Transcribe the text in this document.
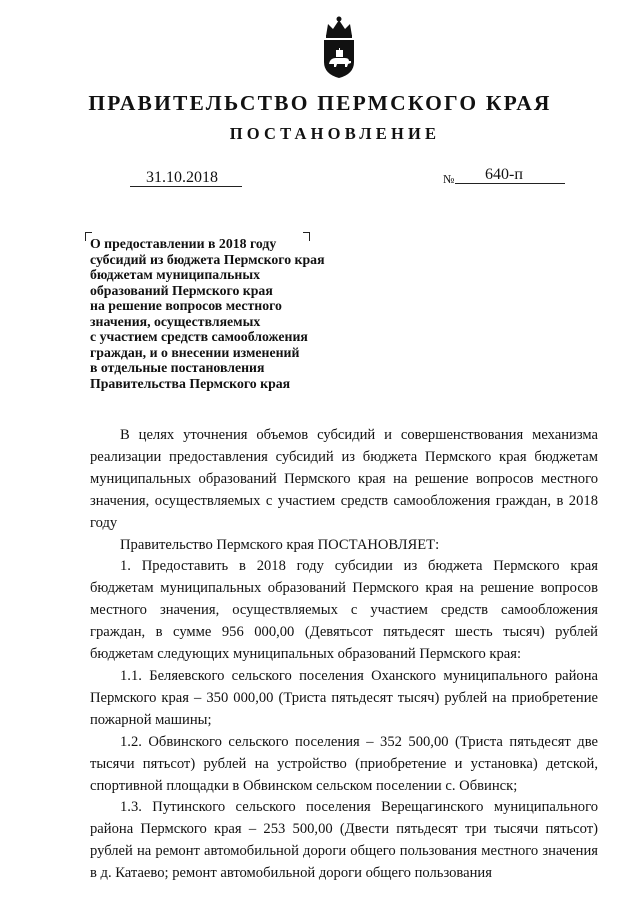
ПРАВИТЕЛЬСТВО ПЕРМСКОГО КРАЯ
ПОСТАНОВЛЕНИЕ
31.10.2018	№ 640-п
О предоставлении в 2018 году
субсидий из бюджета Пермского края
бюджетам муниципальных
образований Пермского края
на решение вопросов местного
значения, осуществляемых
с участием средств самообложения
граждан, и о внесении изменений
в отдельные постановления
Правительства Пермского края

В целях уточнения объемов субсидий и совершенствования механизма реализации предоставления субсидий из бюджета Пермского края бюджетам муниципальных образований Пермского края на решение вопросов местного значения, осуществляемых с участием средств самообложения граждан, в 2018 году

Правительство Пермского края ПОСТАНОВЛЯЕТ:

1. Предоставить в 2018 году субсидии из бюджета Пермского края бюджетам муниципальных образований Пермского края на решение вопросов местного значения, осуществляемых с участием средств самообложения граждан, в сумме 956 000,00 (Девятьсот пятьдесят шесть тысяч) рублей бюджетам следующих муниципальных образований Пермского края:

1.1. Беляевского сельского поселения Оханского муниципального района Пермского края – 350 000,00 (Триста пятьдесят тысяч) рублей на приобретение пожарной машины;

1.2. Обвинского сельского поселения – 352 500,00 (Триста пятьдесят две тысячи пятьсот) рублей на устройство (приобретение и установка) детской, спортивной площадки в Обвинском сельском поселении с. Обвинск;

1.3. Путинского сельского поселения Верещагинского муниципального района Пермского края – 253 500,00 (Двести пятьдесят три тысячи пятьсот) рублей на ремонт автомобильной дороги общего пользования местного значения в д. Катаево; ремонт автомобильной дороги общего пользования
